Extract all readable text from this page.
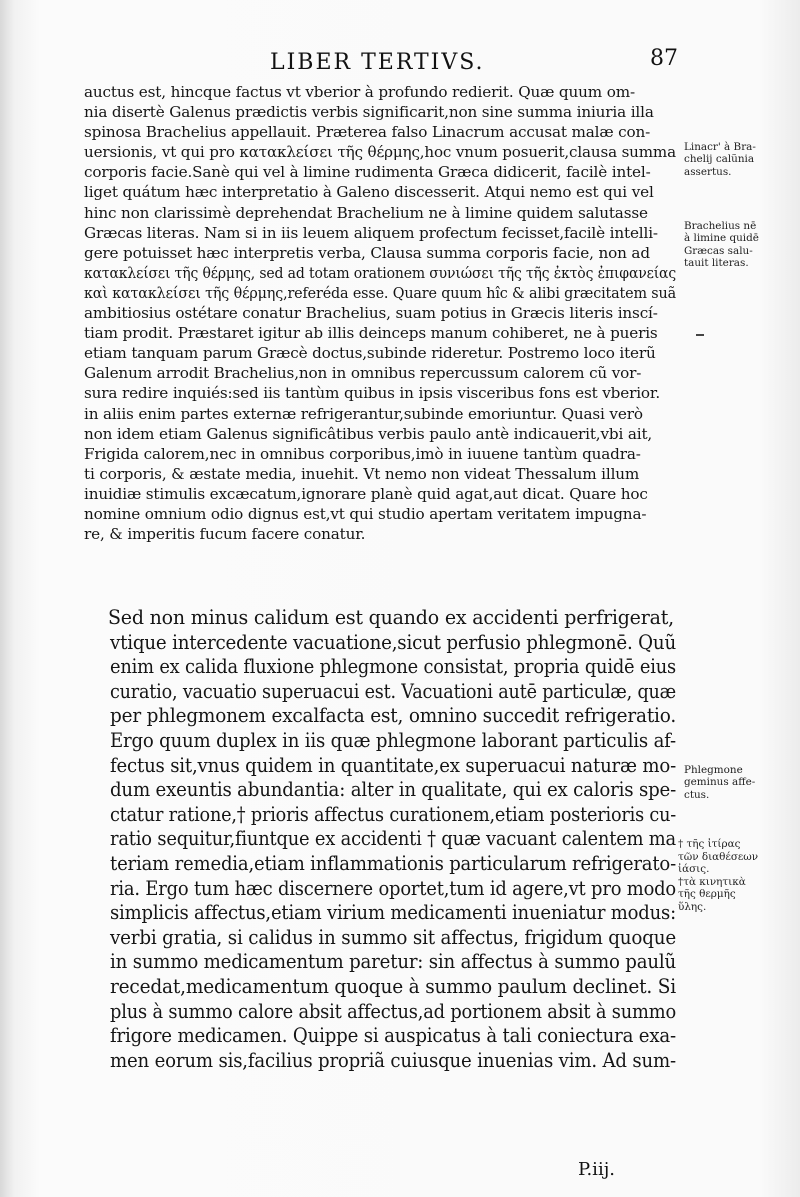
LIBER TERTIVS.	87
auctus est, hincque factus vt vberior à profundo redierit. Quæ quum om-
nia disertè Galenus prædictis verbis significarit,non sine summa iniuria illa
spinosa Brachelius appellauit. Præterea falso Linacrum accusat malæ con-
uersionis, vt qui pro κατακλείσει τῆς θέρμης,hoc vnum posuerit,clausa summa
corporis facie.Sanè qui vel à limine rudimenta Græca didicerit, facilè intel-
liget quátum hæc interpretatio à Galeno discesserit. Atqui nemo est qui vel
hinc non clarissimè deprehendat Brachelium ne à limine quidem salutasse
Græcas literas. Nam si in iis leuem aliquem profectum fecisset,facilè intelli-
gere potuisset hæc interpretis verba, Clausa summa corporis facie, non ad
κατακλείσει τῆς θέρμης, sed ad totam orationem συνιώσει τῆς τῆς ἐκτὸς ἐπιφανείας
καὶ κατακλείσει τῆς θέρμης,referéda esse. Quare quum hîc & alibi græcitatem suã
ambitiosius ostétare conatur Brachelius, suam potius in Græcis literis inscí-
tiam prodit. Præstaret igitur ab illis deinceps manum cohiberet, ne à pueris
etiam tanquam parum Græcè doctus,subinde rideretur. Postremo loco iterũ
Galenum arrodit Brachelius,non in omnibus repercussum calorem cũ vor-
sura redire inquiés:sed iis tantùm quibus in ipsis visceribus fons est vberior.
in aliis enim partes externæ refrigerantur,subinde emoriuntur. Quasi verò
non idem etiam Galenus significâtibus verbis paulo antè indicauerit,vbi ait,
Frigida calorem,nec in omnibus corporibus,imò in iuuene tantùm quadra-
ti corporis, & æstate media, inuehit. Vt nemo non videat Thessalum illum
inuidiæ stimulis excæcatum,ignorare planè quid agat,aut dicat. Quare hoc
nomine omnium odio dignus est,vt qui studio apertam veritatem impugna-
re, & imperitis fucum facere conatur.
Sed non minus calidum est quando ex accidenti perfrigerat,
vtique intercedente vacuatione,sicut perfusio phlegmonē. Quũ
enim ex calida fluxione phlegmone consistat, propria quidē eius
curatio, vacuatio superuacui est. Vacuationi autē particulæ, quæ
per phlegmonem excalfacta est, omnino succedit refrigeratio.
Ergo quum duplex in iis quæ phlegmone laborant particulis af-
fectus sit,vnus quidem in quantitate,ex superuacui naturæ mo-
dum exeuntis abundantia: alter in qualitate, qui ex caloris spe-
ctatur ratione,† prioris affectus curationem,etiam posterioris cu-
ratio sequitur,fiuntque ex accidenti † quæ vacuant calentem ma
teriam remedia,etiam inflammationis particularum refrigerato-
ria. Ergo tum hæc discernere oportet,tum id agere,vt pro modo
simplicis affectus,etiam virium medicamenti inueniatur modus:
verbi gratia, si calidus in summo sit affectus, frigidum quoque
in summo medicamentum paretur: sin affectus à summo paulũ
recedat,medicamentum quoque à summo paulum declinet. Si
plus à summo calore absit affectus,ad portionem absit à summo
frigore medicamen. Quippe si auspicatus à tali coniectura exa-
men eorum sis,facilius propriã cuiusque inuenias vim. Ad sum-
Linacr' à Bra-
chelij calũnia
assertus.
Brachelius nē
à limine quidē
Græcas salu-
tauit literas.
Phlegmone
geminus affe-
ctus.
† τῆς ἰτίρας
τῶν διαθέσεων
ἰάσις.
†τὰ κινητικὰ
τῆς θερμῆς
ὕλης.
P.iij.
